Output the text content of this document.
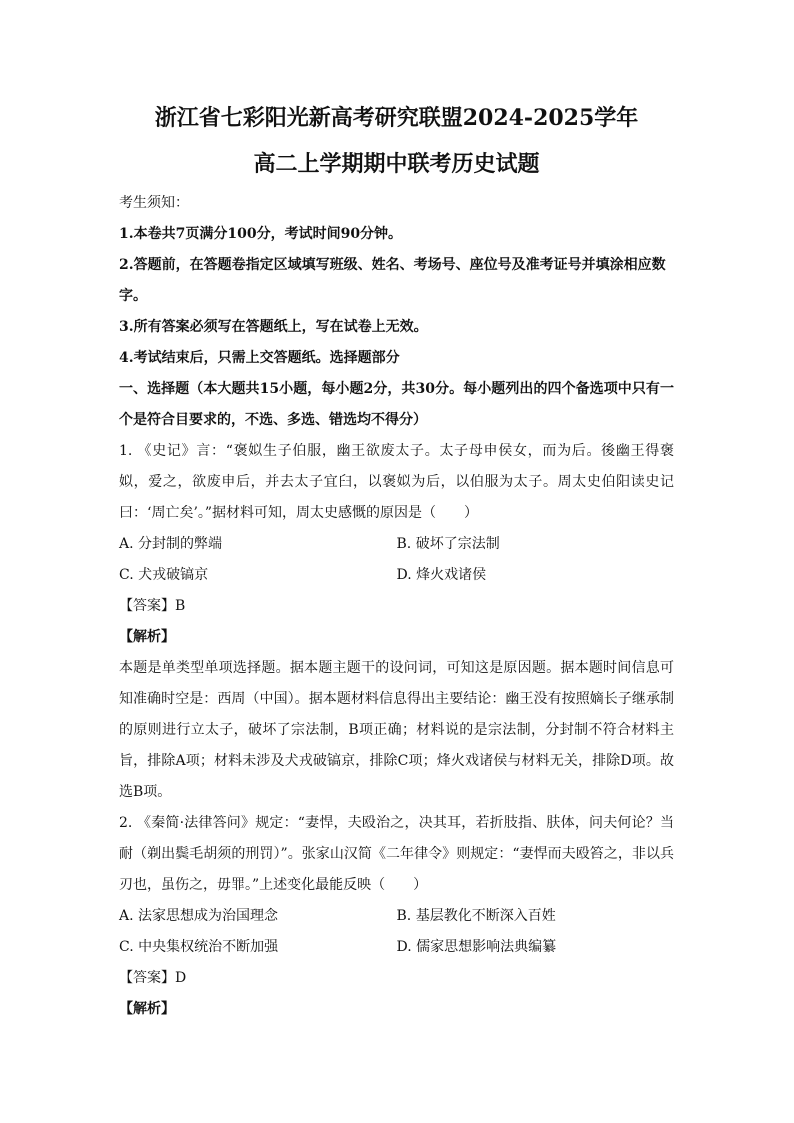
浙江省七彩阳光新高考研究联盟2024-2025学年
高二上学期期中联考历史试题

考生须知：

1.本卷共7页满分100分，考试时间90分钟。

2.答题前，在答题卷指定区域填写班级、姓名、考场号、座位号及准考证号并填涂相应数字。

3.所有答案必须写在答题纸上，写在试卷上无效。

4.考试结束后，只需上交答题纸。选择题部分

一、选择题（本大题共15小题，每小题2分，共30分。每小题列出的四个备选项中只有一个是符合目要求的，不选、多选、错选均不得分）

1. 《史记》言：“褒姒生子伯服，幽王欲废太子。太子母申侯女，而为后。後幽王得褒姒，爱之，欲废申后，并去太子宜臼，以褒姒为后，以伯服为太子。周太史伯阳读史记曰：‘周亡矣’。”据材料可知，周太史感慨的原因是（　　）

A. 分封制的弊端	B. 破坏了宗法制
C. 犬戎破镐京	D. 烽火戏诸侯

【答案】B

【解析】

本题是单类型单项选择题。据本题主题干的设问词，可知这是原因题。据本题时间信息可知准确时空是：西周（中国）。据本题材料信息得出主要结论：幽王没有按照嫡长子继承制的原则进行立太子，破坏了宗法制，B项正确；材料说的是宗法制，分封制不符合材料主旨，排除A项；材料未涉及犬戎破镐京，排除C项；烽火戏诸侯与材料无关，排除D项。故选B项。

2. 《秦简·法律答问》规定：“妻悍，夫殴治之，决其耳，若折肢指、肤体，问夫何论？当耐（剃出鬓毛胡须的刑罚）”。张家山汉简《二年律令》则规定：“妻悍而夫殴笞之，非以兵刃也，虽伤之，毋罪。”上述变化最能反映（　　）

A. 法家思想成为治国理念	B. 基层教化不断深入百姓
C. 中央集权统治不断加强	D. 儒家思想影响法典编纂

【答案】D

【解析】
